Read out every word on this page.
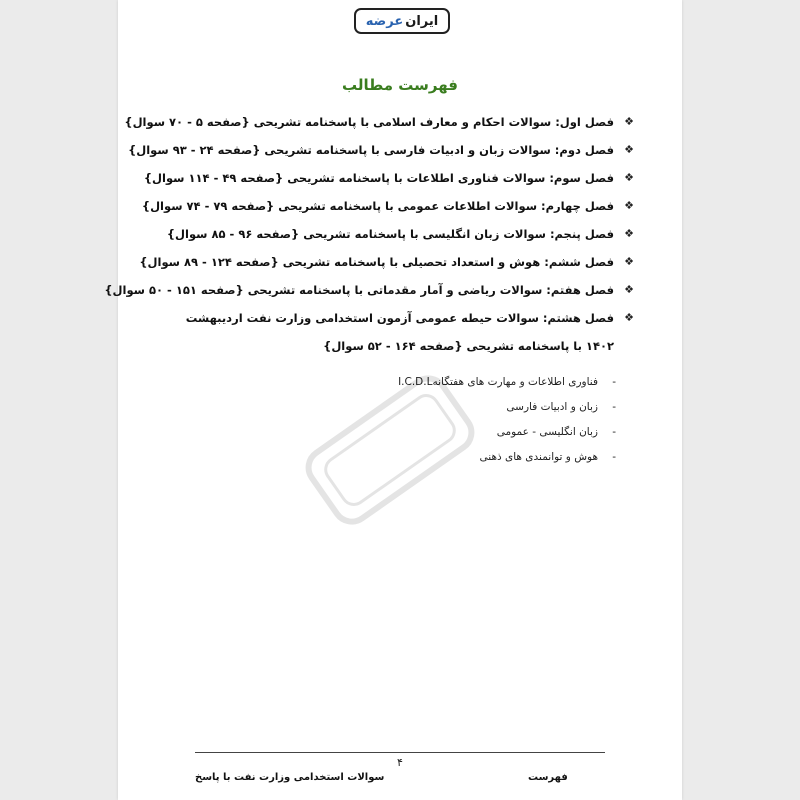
ایران
عرضه
فهرست مطالب
❖
فصل اول: سوالات احکام و معارف اسلامی با پاسخنامه تشریحی {صفحه ۵ - ۷۰ سوال}
❖
فصل دوم: سوالات زبان و ادبیات فارسی با پاسخنامه تشریحی {صفحه ۲۴ - ۹۳ سوال}
❖
فصل سوم: سوالات فناوری اطلاعات با پاسخنامه تشریحی {صفحه ۴۹ - ۱۱۴ سوال}
❖
فصل چهارم: سوالات اطلاعات عمومی با پاسخنامه تشریحی {صفحه ۷۹ - ۷۴ سوال}
❖
فصل پنجم: سوالات زبان انگلیسی با پاسخنامه تشریحی {صفحه ۹۶ - ۸۵ سوال}
❖
فصل ششم: هوش و استعداد تحصیلی با پاسخنامه تشریحی {صفحه ۱۲۴ - ۸۹ سوال}
❖
فصل هفتم: سوالات ریاضی و آمار مقدماتی با پاسخنامه تشریحی {صفحه ۱۵۱ - ۵۰ سوال}
❖
فصل هشتم: سوالات حیطه عمومی آزمون استخدامی وزارت نفت اردیبهشت ۱۴۰۲ با پاسخنامه تشریحی {صفحه ۱۶۴ - ۵۲ سوال}
-
فناوری اطلاعات و مهارت های هفتگانهI.C.D.L
-
زبان و ادبیات فارسی
-
زبان انگلیسی - عمومی
-
هوش و توانمندی های ذهنی
۴
سوالات استخدامی وزارت نفت با پاسخ	فهرست
